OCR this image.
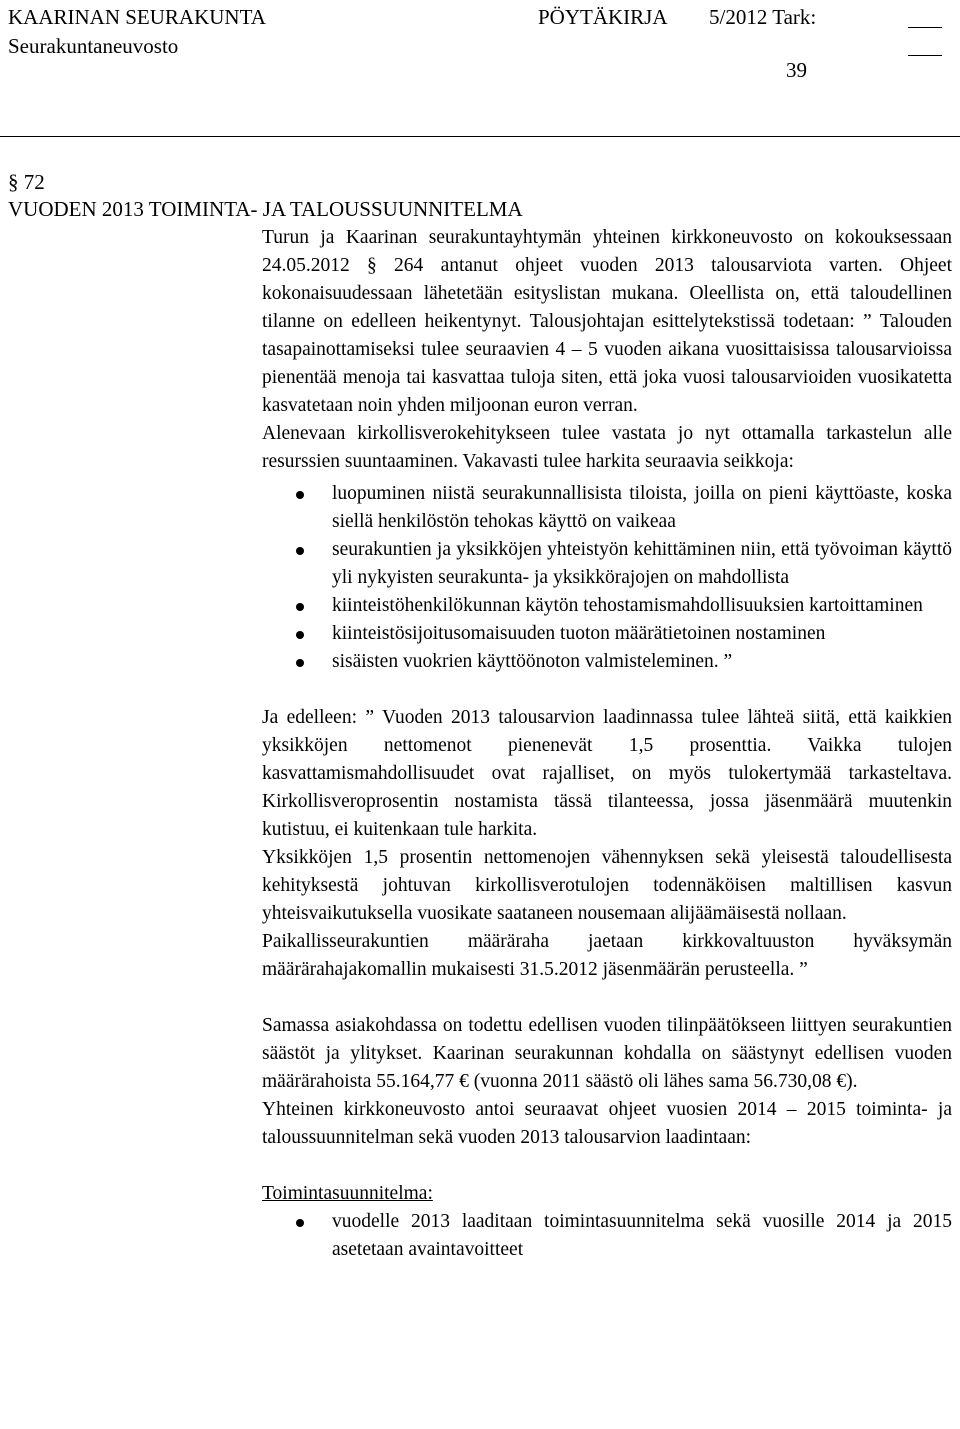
KAARINAN SEURAKUNTA	PÖYTÄKIRJA 5/2012 Tark:
Seurakuntaneuvosto
39
§ 72
VUODEN 2013 TOIMINTA- JA TALOUSSUUNNITELMA

Turun ja Kaarinan seurakuntayhtymän yhteinen kirkkoneuvosto on kokouksessaan 24.05.2012 § 264 antanut ohjeet vuoden 2013 talousarviota varten. Ohjeet kokonaisuudessaan lähetetään esityslistan mukana. Oleellista on, että taloudellinen tilanne on edelleen heikentynyt. Talousjohtajan esittelytekstissä todetaan: ” Talouden tasapainottamiseksi tulee seuraavien 4 – 5 vuoden aikana vuosittaisissa talousarvioissa pienentää menoja tai kasvattaa tuloja siten, että joka vuosi talousarvioiden vuosikatetta kasvatetaan noin yhden miljoonan euron verran.

Alenevaan kirkollisverokehitykseen tulee vastata jo nyt ottamalla tarkastelun alle resurssien suuntaaminen. Vakavasti tulee harkita seuraavia seikkoja:

luopuminen niistä seurakunnallisista tiloista, joilla on pieni käyttöaste, koska siellä henkilöstön tehokas käyttö on vaikeaa
seurakuntien ja yksikköjen yhteistyön kehittäminen niin, että työvoiman käyttö yli nykyisten seurakunta- ja yksikkörajojen on mahdollista
kiinteistöhenkilökunnan käytön tehostamismahdollisuuksien kartoittaminen
kiinteistösijoitusomaisuuden tuoton määrätietoinen nostaminen
sisäisten vuokrien käyttöönoton valmisteleminen. ”

Ja edelleen: ” Vuoden 2013 talousarvion laadinnassa tulee lähteä siitä, että kaikkien yksikköjen nettomenot pienenevät 1,5 prosenttia. Vaikka tulojen kasvattamismahdollisuudet ovat rajalliset, on myös tulokertymää tarkasteltava. Kirkollisveroprosentin nostamista tässä tilanteessa, jossa jäsenmäärä muutenkin kutistuu, ei kuitenkaan tule harkita.

Yksikköjen 1,5 prosentin nettomenojen vähennyksen sekä yleisestä taloudellisesta kehityksestä johtuvan kirkollisverotulojen todennäköisen maltillisen kasvun yhteisvaikutuksella vuosikate saataneen nousemaan alijäämäisestä nollaan.

Paikallisseurakuntien määräraha jaetaan kirkkovaltuuston hyväksymän määrärahajakomallin mukaisesti 31.5.2012 jäsenmäärän perusteella. ”

Samassa asiakohdassa on todettu edellisen vuoden tilinpäätökseen liittyen seurakuntien säästöt ja ylitykset. Kaarinan seurakunnan kohdalla on säästynyt edellisen vuoden määrärahoista 55.164,77 € (vuonna 2011 säästö oli lähes sama 56.730,08 €).

Yhteinen kirkkoneuvosto antoi seuraavat ohjeet vuosien 2014 – 2015 toiminta- ja taloussuunnitelman sekä vuoden 2013 talousarvion laadintaan:

Toimintasuunnitelma:

vuodelle 2013 laaditaan toimintasuunnitelma sekä vuosille 2014 ja 2015 asetetaan avaintavoitteet
